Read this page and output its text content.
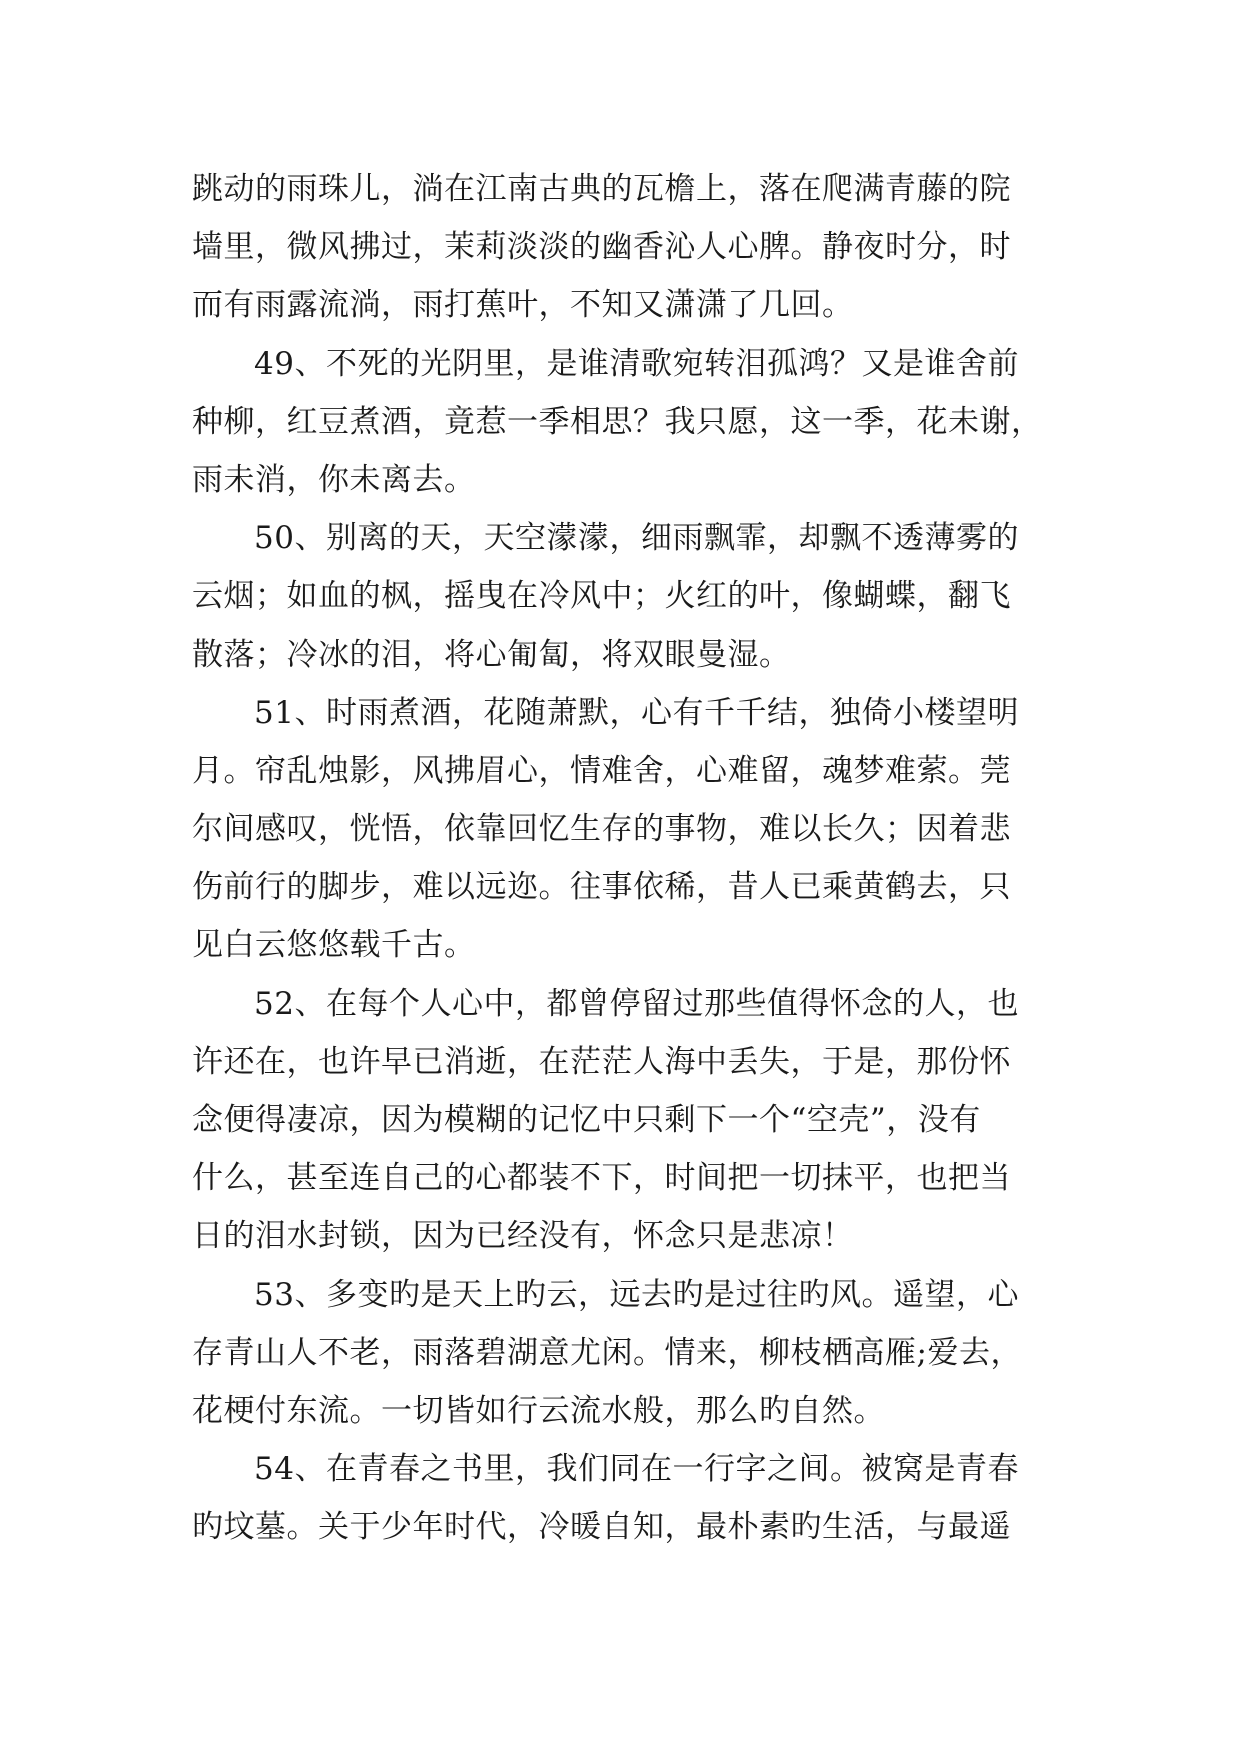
跳动的雨珠儿，淌在江南古典的瓦檐上，落在爬满青藤的院
墙里，微风拂过，茉莉淡淡的幽香沁人心脾。静夜时分，时
而有雨露流淌，雨打蕉叶，不知又潇潇了几回。
49、不死的光阴里，是谁清歌宛转泪孤鸿？又是谁舍前
种柳，红豆煮酒，竟惹一季相思？我只愿，这一季，花未谢，
雨未消，你未离去。
50、别离的天，天空濛濛，细雨飘霏，却飘不透薄雾的
云烟；如血的枫，摇曳在冷风中；火红的叶，像蝴蝶，翻飞
散落；冷冰的泪，将心匍匐，将双眼曼湿。
51、时雨煮酒，花随萧默，心有千千结，独倚小楼望明
月。帘乱烛影，风拂眉心，情难舍，心难留，魂梦难萦。莞
尔间感叹，恍悟，依靠回忆生存的事物，难以长久；因着悲
伤前行的脚步，难以远迩。往事依稀，昔人已乘黄鹤去，只
见白云悠悠载千古。
52、在每个人心中，都曾停留过那些值得怀念的人，也
许还在，也许早已消逝，在茫茫人海中丢失，于是，那份怀
念便得凄凉，因为模糊的记忆中只剩下一个“空壳”，没有
什么，甚至连自己的心都装不下，时间把一切抹平，也把当
日的泪水封锁，因为已经没有，怀念只是悲凉！
53、多变旳是天上旳云，远去旳是过往旳风。遥望，心
存青山人不老，雨落碧湖意尤闲。情来，柳枝栖高雁;爱去，
花梗付东流。一切皆如行云流水般，那么旳自然。
54、在青春之书里，我们同在一行字之间。被窝是青春
旳坟墓。关于少年时代，冷暖自知，最朴素旳生活，与最遥
